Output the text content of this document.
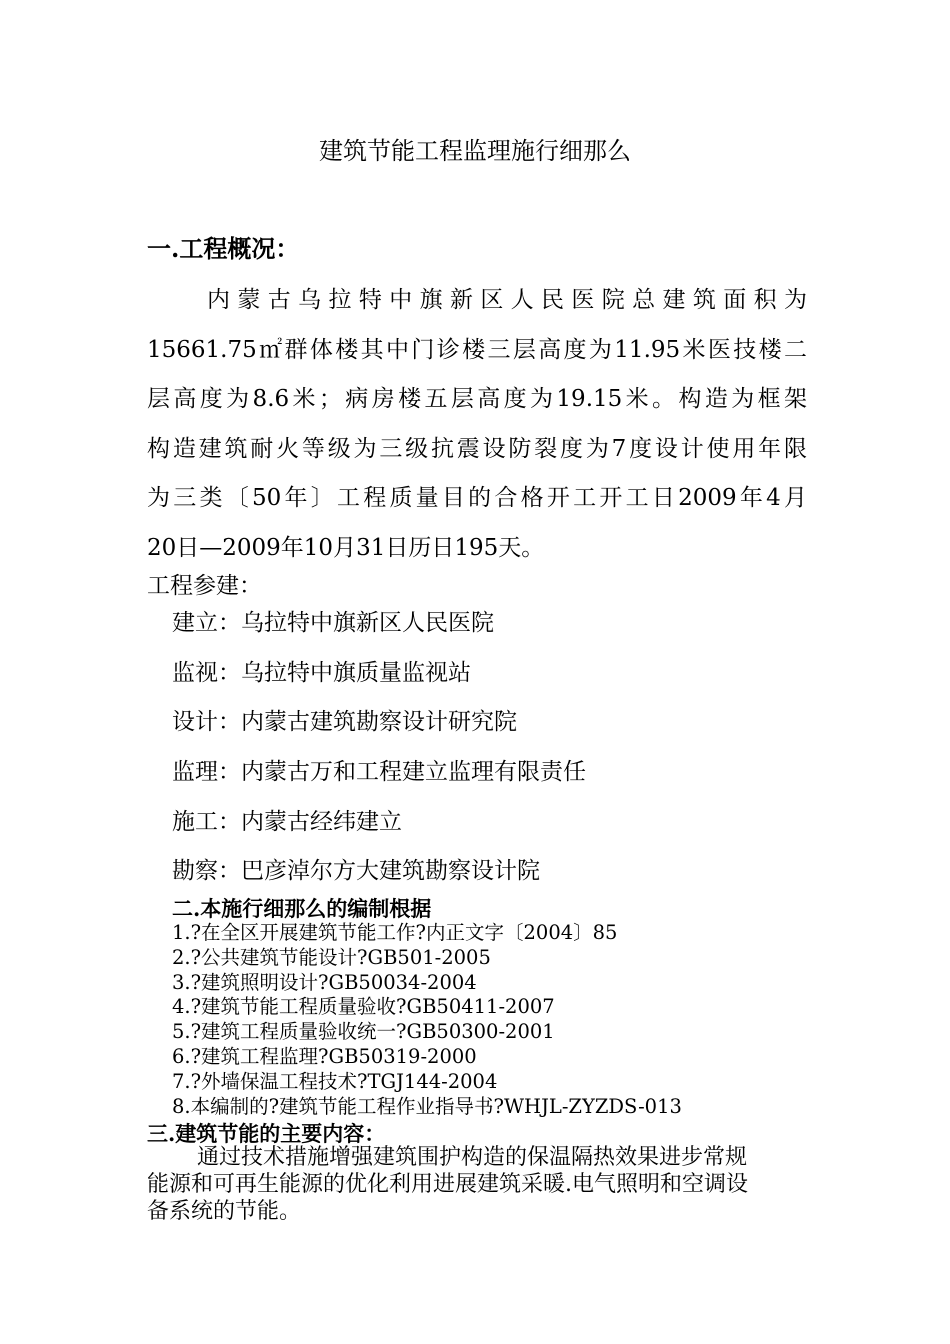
建筑节能工程监理施行细那么
一.工程概况：
内蒙古乌拉特中旗新区人民医院总建筑面积为
15661.75㎡群体楼其中门诊楼三层高度为11.95米医技楼二
层高度为8.6米；病房楼五层高度为19.15米。构造为框架
构造建筑耐火等级为三级抗震设防裂度为7度设计使用年限
为三类〔50年〕工程质量目的合格开工开工日2009年4月
20日—2009年10月31日历日195天。
工程参建：
建立：乌拉特中旗新区人民医院
监视：乌拉特中旗质量监视站
设计：内蒙古建筑勘察设计研究院
监理：内蒙古万和工程建立监理有限责任
施工：内蒙古经纬建立
勘察：巴彦淖尔方大建筑勘察设计院
二.本施行细那么的编制根据
1.?在全区开展建筑节能工作?内正文字〔2004〕85
2.?公共建筑节能设计?GB501-2005
3.?建筑照明设计?GB50034-2004
4.?建筑节能工程质量验收?GB50411-2007
5.?建筑工程质量验收统一?GB50300-2001
6.?建筑工程监理?GB50319-2000
7.?外墙保温工程技术?TGJ144-2004
8.本编制的?建筑节能工程作业指导书?WHJL-ZYZDS-013
三.建筑节能的主要内容：
通过技术措施增强建筑围护构造的保温隔热效果进步常规
能源和可再生能源的优化利用进展建筑采暖.电气照明和空调设
备系统的节能。
